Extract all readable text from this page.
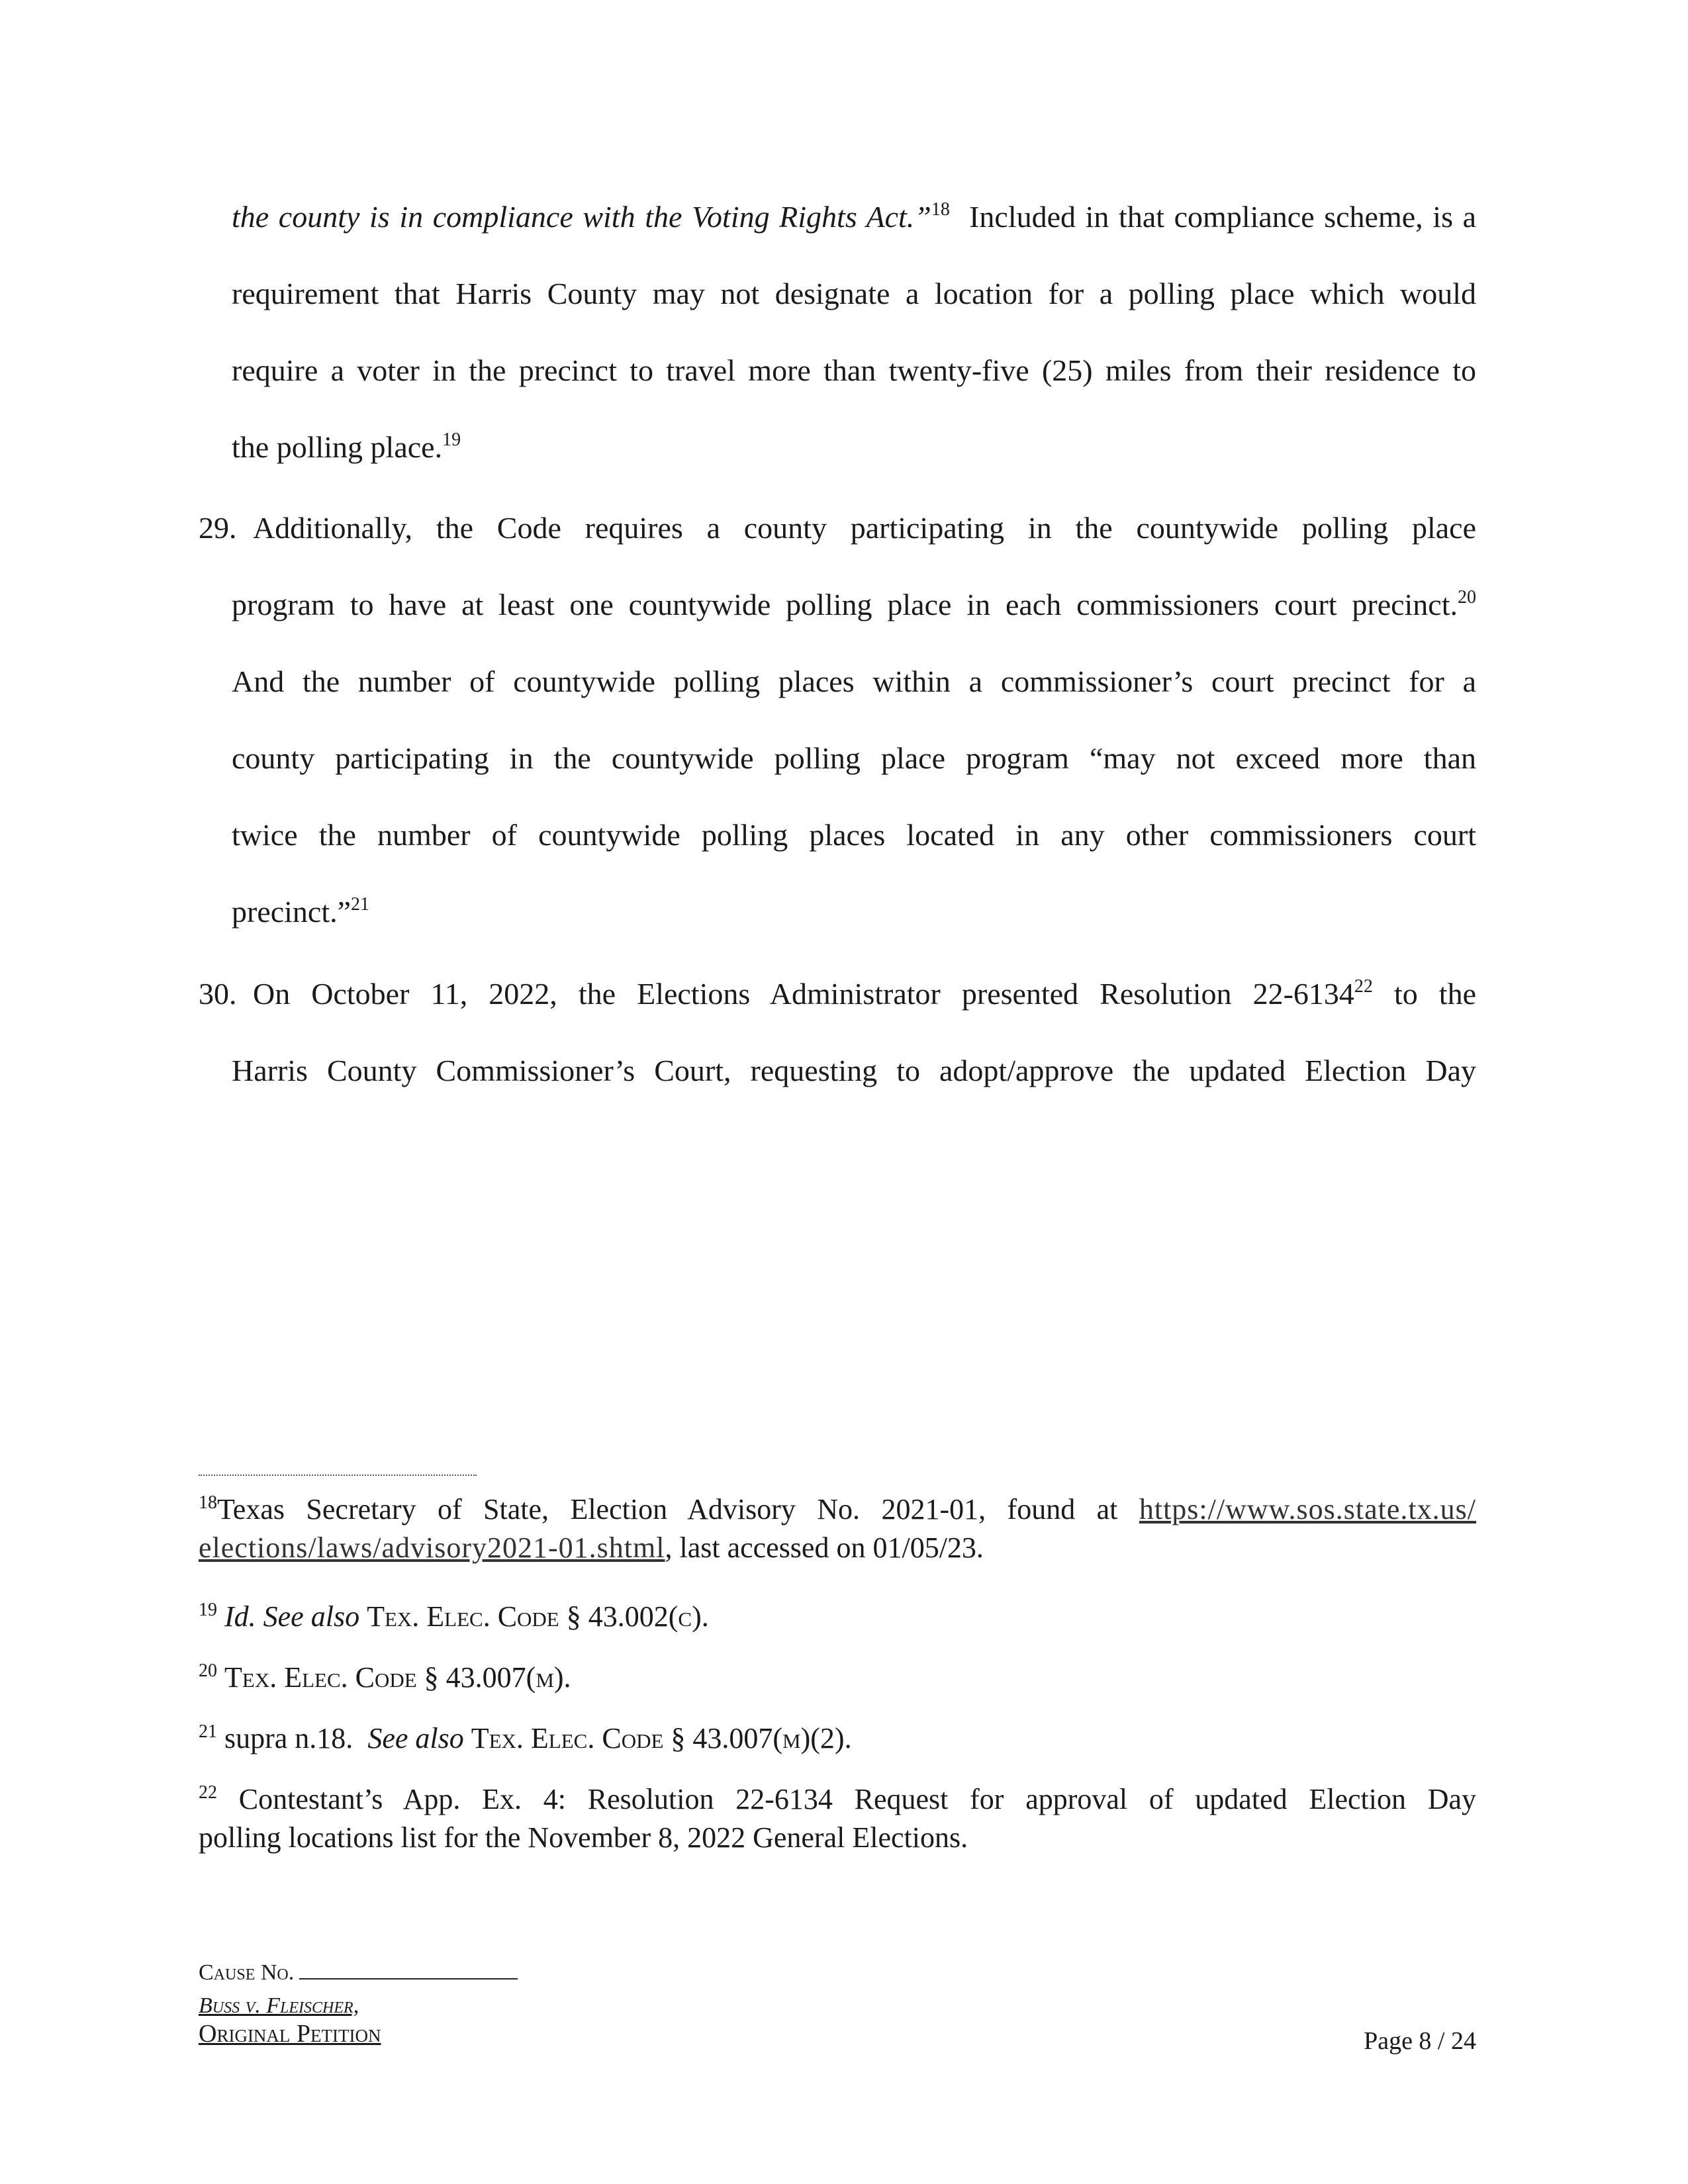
the county is in compliance with the Voting Rights Act.”$^{18}$ Included in that compliance scheme, is a
requirement that Harris County may not designate a location for a polling place which would
require a voter in the precinct to travel more than twenty-five (25) miles from their residence to
the polling place.$^{19}$
29. Additionally, the Code requires a county participating in the countywide polling place
program to have at least one countywide polling place in each commissioners court precinct.$^{20}$
And the number of countywide polling places within a commissioner’s court precinct for a
county participating in the countywide polling place program “may not exceed more than
twice the number of countywide polling places located in any other commissioners court
precinct.”$^{21}$
30. On October 11, 2022, the Elections Administrator presented Resolution 22-6134$^{22}$ to the
Harris County Commissioner’s Court, requesting to adopt/approve the updated Election Day
$^{18}$Texas Secretary of State, Election Advisory No. 2021-01, found at https://www.sos.state.tx.us/
elections/laws/advisory2021-01.shtml, last accessed on 01/05/23.
$^{19}$ Id. See also Tex. Elec. Code § 43.002(c).
$^{20}$ Tex. Elec. Code § 43.007(m).
$^{21}$ supra n.18. See also Tex. Elec. Code § 43.007(m)(2).
$^{22}$ Contestant’s App. Ex. 4: Resolution 22-6134 Request for approval of updated Election Day
polling locations list for the November 8, 2022 General Elections.
Cause No.
Buss v. Fleischer,
Original Petition	Page 8 / 24
